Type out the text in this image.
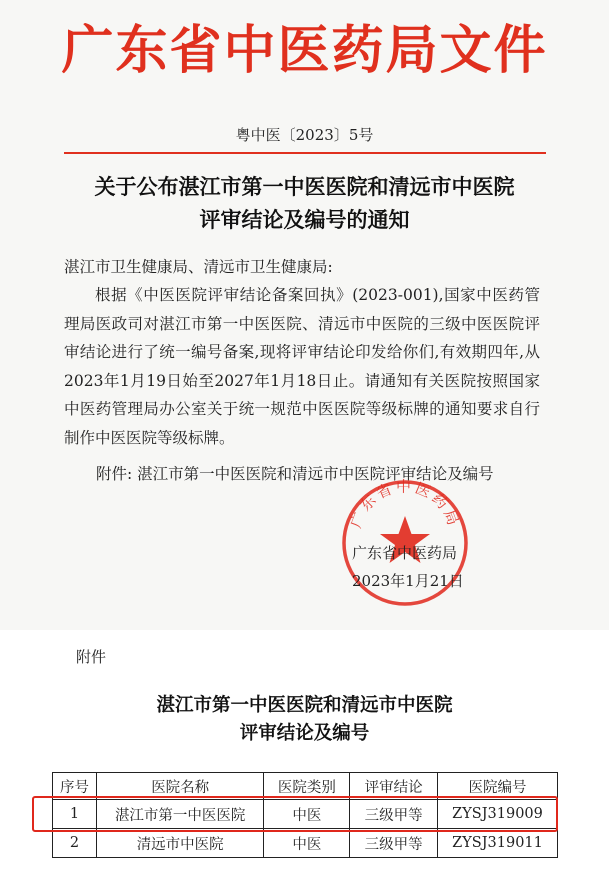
广东省中医药局文件
粤中医〔2023〕5号
关于公布湛江市第一中医医院和清远市中医院
评审结论及编号的通知
湛江市卫生健康局、清远市卫生健康局:
根据《中医医院评审结论备案回执》(2023-001),国家中医药管理局医政司对湛江市第一中医医院、清远市中医院的三级中医医院评审结论进行了统一编号备案,现将评审结论印发给你们,有效期四年,从2023年1月19日始至2027年1月18日止。请通知有关医院按照国家中医药管理局办公室关于统一规范中医医院等级标牌的通知要求自行制作中医医院等级标牌。
附件: 湛江市第一中医医院和清远市中医院评审结论及编号
广东省中医药局
广东省中医药局
2023年1月21日
附件
湛江市第一中医医院和清远市中医院
评审结论及编号
序号	医院名称	医院类别	评审结论	医院编号
1	湛江市第一中医医院	中医	三级甲等	ZYSJ319009
2	清远市中医院	中医	三级甲等	ZYSJ319011
